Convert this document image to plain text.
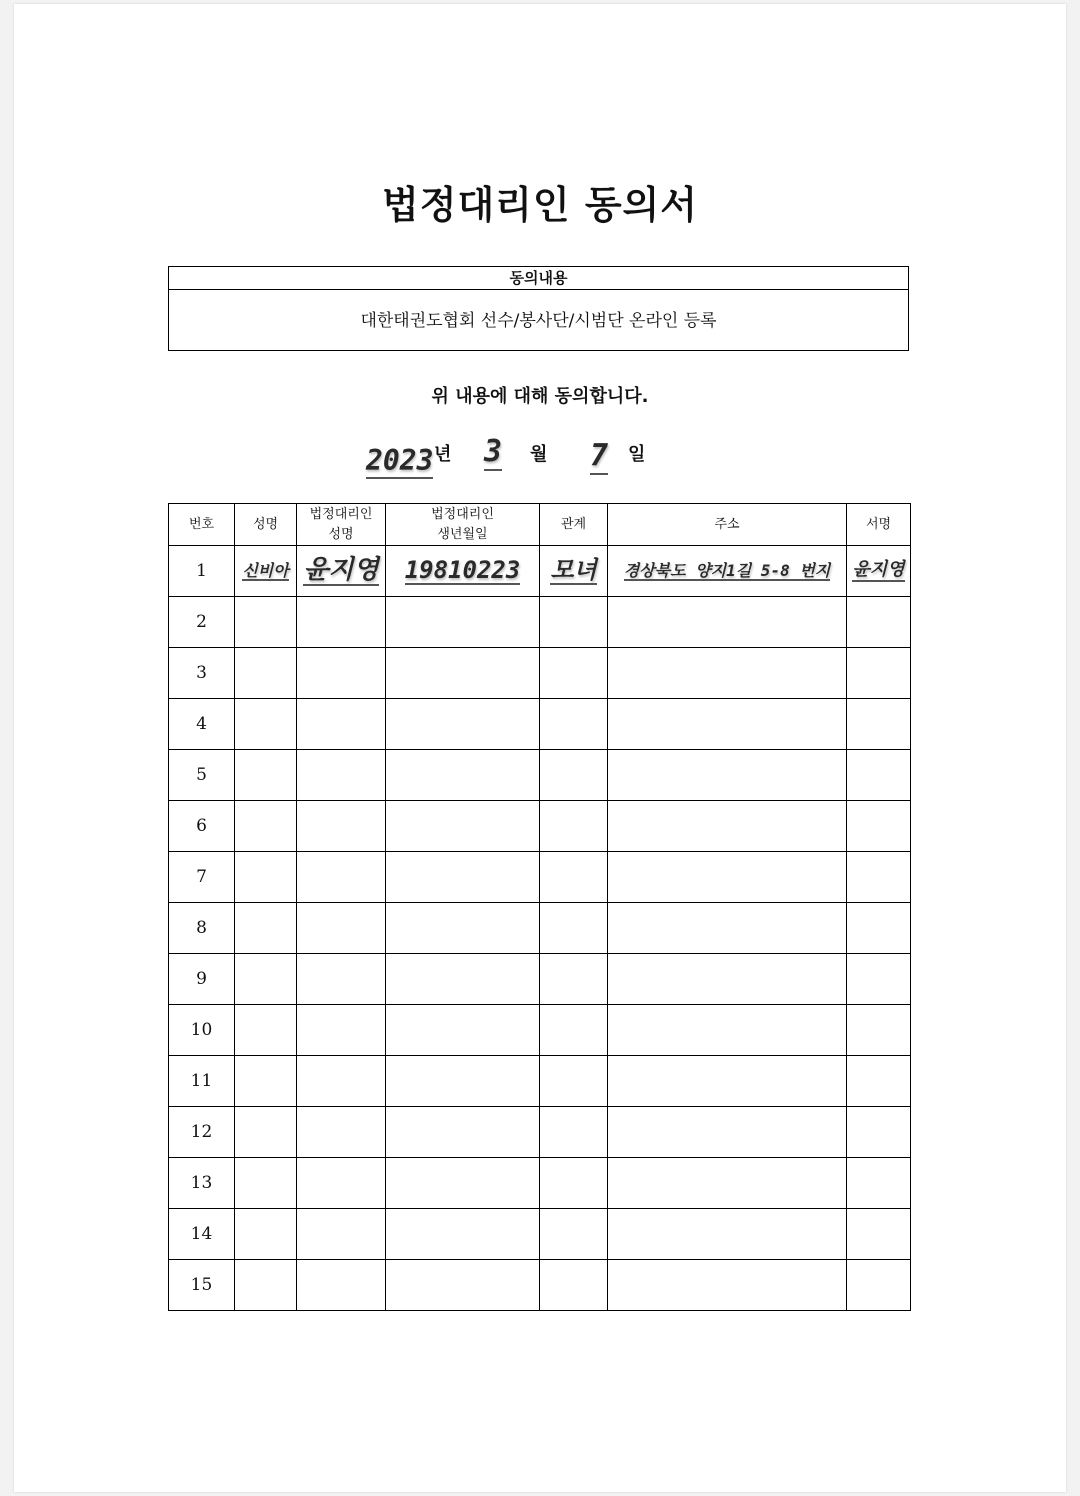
법정대리인 동의서
동의내용
대한태권도협회 선수/봉사단/시범단 온라인 등록
위 내용에 대해 동의합니다.
2023 년 3 월 7 일
번호	성명	법정대리인 성명	법정대리인 생년월일	관계	주소	서명
1	신비아	윤지영	19810223	모녀	경상북도 양지1길 5-8 번지	윤지영
2						
3						
4						
5						
6						
7						
8						
9						
10						
11						
12						
13						
14						
15						
